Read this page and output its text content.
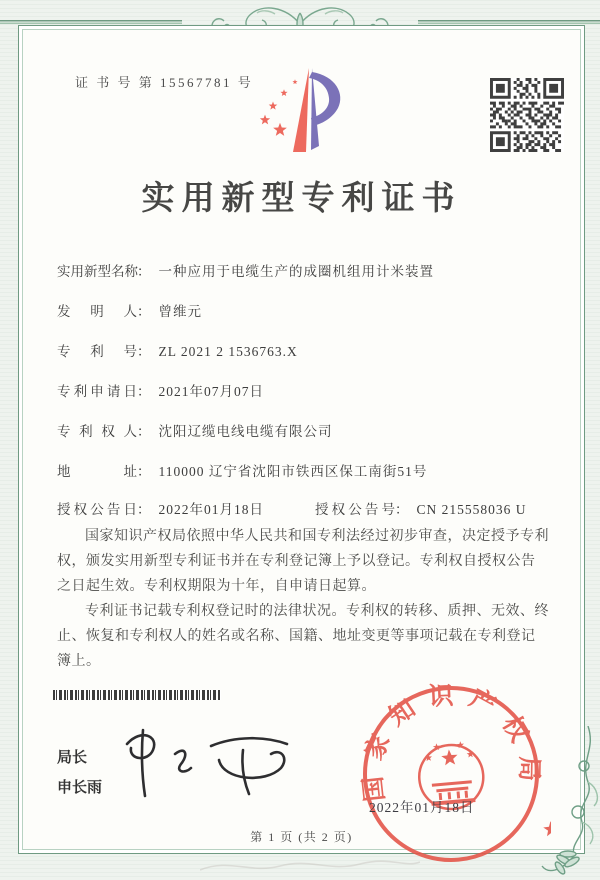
证 书 号 第 15567781 号
实用新型专利证书
实用新型名称： 一种应用于电缆生产的成圈机组用计米装置
发明人： 曾维元
专利号： ZL 2021 2 1536763.X
专利申请日： 2021年07月07日
专利权人： 沈阳辽缆电线电缆有限公司
地址： 110000 辽宁省沈阳市铁西区保工南街51号
授权公告日： 2022年01月18日	授权公告号： CN 215558036 U

国家知识产权局依照中华人民共和国专利法经过初步审查，决定授予专利权，颁发实用新型专利证书并在专利登记簿上予以登记。专利权自授权公告之日起生效。专利权期限为十年，自申请日起算。

专利证书记载专利权登记时的法律状况。专利权的转移、质押、无效、终止、恢复和专利权人的姓名或名称、国籍、地址变更等事项记载在专利登记簿上。

局长
申长雨	国家知识产权局
2022年01月18日
第 1 页 (共 2 页)
